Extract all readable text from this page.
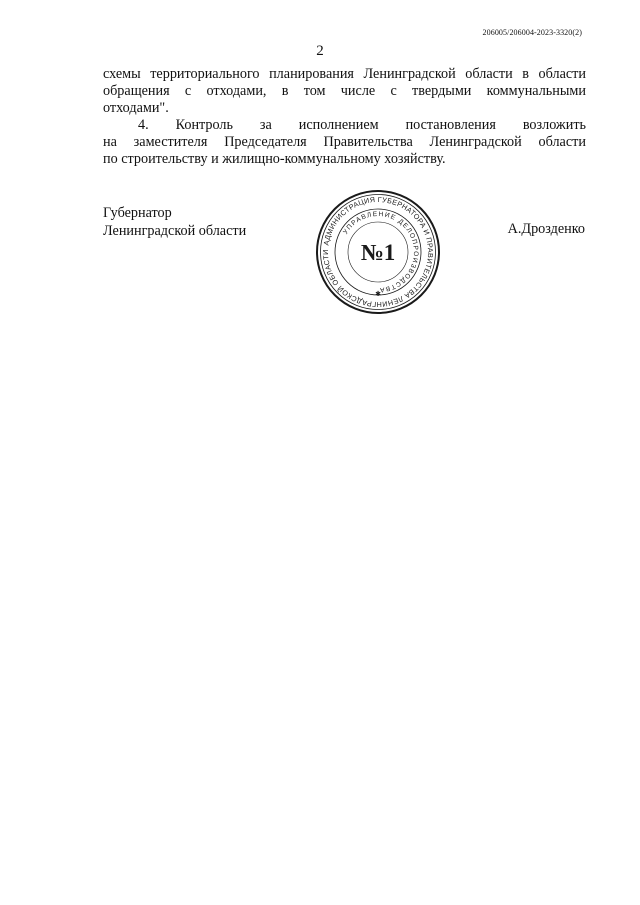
206005/206004-2023-3320(2)
2
схемы территориального планирования Ленинградской области в области
обращения с отходами, в том числе с твердыми коммунальными
отходами".
4. Контроль за исполнением постановления возложить
на заместителя Председателя Правительства Ленинградской области
по строительству и жилищно-коммунальному хозяйству.
Губернатор
Ленинградской области	А.Дрозденко
АДМИНИСТРАЦИЯ ГУБЕРНАТОРА И ПРАВИТЕЛЬСТВА ЛЕНИНГРАДСКОЙ ОБЛАСТИ
УПРАВЛЕНИЕ ДЕЛОПРОИЗВОДСТВА
№1
✱
